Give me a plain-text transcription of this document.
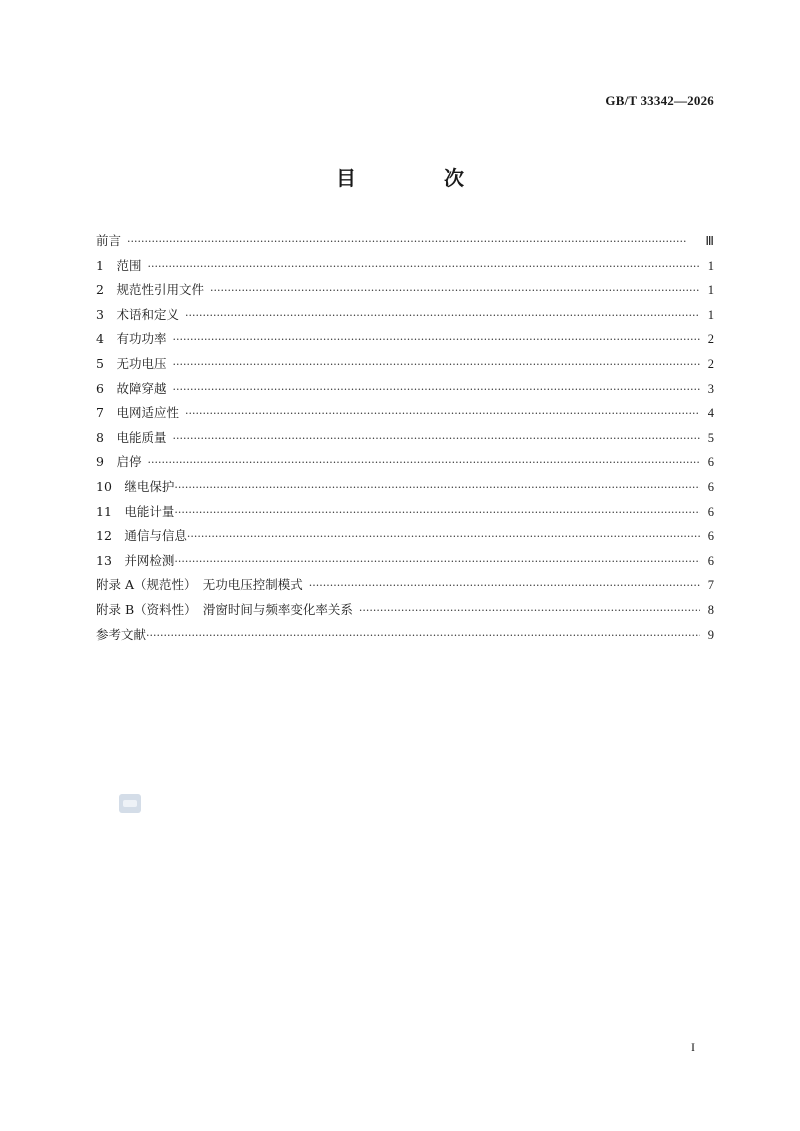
GB/T 33342—2026
目　次
前言 ·····	Ⅲ
1　 范围 ·····	1
2　 规范性引用文件 ·····	1
3　 术语和定义 ·····	1
4　 有功功率 ·····	2
5　 无功电压 ·····	2
6　 故障穿越 ·····	3
7　 电网适应性 ·····	4
8　 电能质量 ·····	5
9　 启停 ·····	6
10　 继电保护 ·····	6
11　 电能计量 ·····	6
12　 通信与信息 ·····	6
13　 并网检测 ·····	6
附录 A（规范性）　无功电压控制模式 ·····	7
附录 B（资料性）　滑窗时间与频率变化率关系 ·····	8
参考文献 ·····	9
I
